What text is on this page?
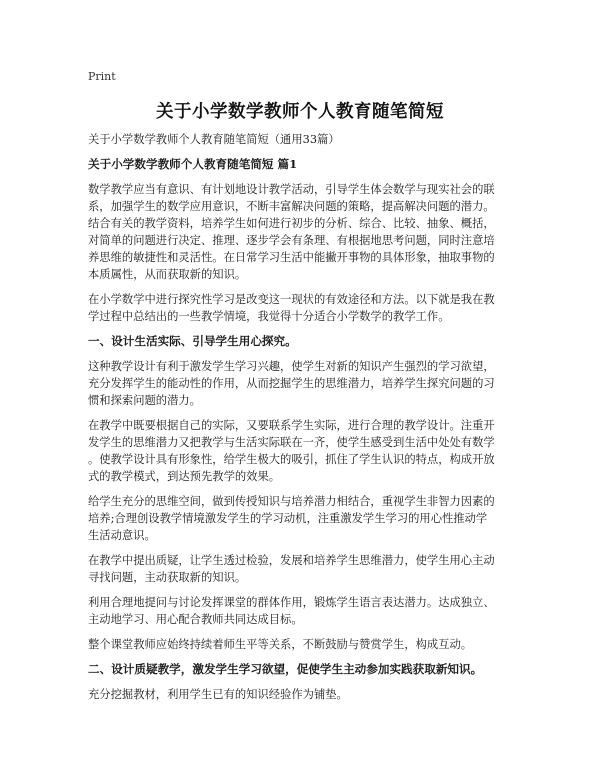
Print
关于小学数学教师个人教育随笔简短
关于小学数学教师个人教育随笔简短（通用33篇）
关于小学数学教师个人教育随笔简短 篇1
数学教学应当有意识、有计划地设计教学活动，引导学生体会数学与现实社会的联
系，加强学生的数学应用意识，不断丰富解决问题的策略，提高解决问题的潜力。
结合有关的教学资料，培养学生如何进行初步的分析、综合、比较、抽象、概括，
对简单的问题进行决定、推理、逐步学会有条理、有根据地思考问题，同时注意培
养思维的敏捷性和灵活性。在日常学习生活中能撇开事物的具体形象，抽取事物的
本质属性，从而获取新的知识。
在小学数学中进行探究性学习是改变这一现状的有效途径和方法。以下就是我在教
学过程中总结出的一些教学情境，我觉得十分适合小学数学的教学工作。
一、设计生活实际、引导学生用心探究。
这种教学设计有利于激发学生学习兴趣，使学生对新的知识产生强烈的学习欲望，
充分发挥学生的能动性的作用，从而挖掘学生的思维潜力，培养学生探究问题的习
惯和探索问题的潜力。
在教学中既要根据自己的实际，又要联系学生实际，进行合理的教学设计。注重开
发学生的思维潜力又把教学与生活实际联在一齐，使学生感受到生活中处处有数学
。使教学设计具有形象性，给学生极大的吸引，抓住了学生认识的特点，构成开放
式的教学模式，到达预先教学的效果。
给学生充分的思维空间，做到传授知识与培养潜力相结合，重视学生非智力因素的
培养;合理创设教学情境激发学生的学习动机，注重激发学生学习的用心性推动学
生活动意识。
在教学中提出质疑，让学生透过检验，发展和培养学生思维潜力，使学生用心主动
寻找问题，主动获取新的知识。
利用合理地提问与讨论发挥课堂的群体作用，锻炼学生语言表达潜力。达成独立、
主动地学习、用心配合教师共同达成目标。
整个课堂教师应始终持续着师生平等关系，不断鼓励与赞赏学生，构成互动。
二、设计质疑教学，激发学生学习欲望，促使学生主动参加实践获取新知识。
充分挖掘教材，利用学生已有的知识经验作为铺垫。
